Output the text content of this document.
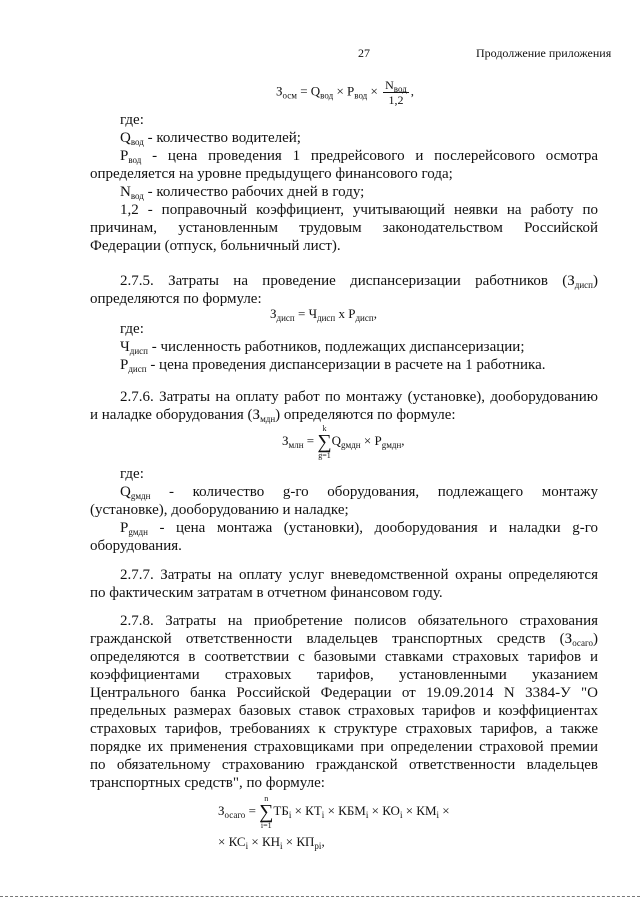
27	Продолжение приложения
$З_{осм} = Q_{вод} \times Р_{вод} \times \frac{N_{вод}}{1,2}$ ,
где:
$Q_{вод}$ - количество водителей;
$Р_{вод}$ - цена проведения 1 предрейсового и послерейсового осмотра
определяется на уровне предыдущего финансового года;
$N_{вод}$ - количество рабочих дней в году;
1,2 - поправочный коэффициент, учитывающий неявки на работу по
причинам, установленным трудовым законодательством Российской
Федерации (отпуск, больничный лист).
2.7.5. Затраты на проведение диспансеризации работников $(З_{дисп})$
определяются по формуле:
$З_{дисп} = Ч_{дисп}$ х $Р_{дисп}$,
где:
$Ч_{дисп}$ - численность работников, подлежащих диспансеризации;
$Р_{дисп}$ - цена проведения диспансеризации в расчете на 1 работника.
2.7.6. Затраты на оплату работ по монтажу (установке), дооборудованию
и наладке оборудования $(З_{мдн})$ определяются по формуле:
$З_{млн}$ =
k
∑
g=1
$Q_{gмдн} \times Р_{gмдн}$,
где:
$Q_{gмдн}$ - количество g-го оборудования, подлежащего монтажу
(установке), дооборудованию и наладке;
$Р_{gмдн}$ - цена монтажа (установки), дооборудования и наладки g-го
оборудования.
2.7.7. Затраты на оплату услуг вневедомственной охраны определяются
по фактическим затратам в отчетном финансовом году.
2.7.8. Затраты на приобретение полисов обязательного страхования
гражданской ответственности владельцев транспортных средств $(З_{осаго})$
определяются в соответствии с базовыми ставками страховых тарифов и
коэффициентами страховых тарифов, установленными указанием
Центрального банка Российской Федерации от 19.09.2014 N 3384-У "О
предельных размерах базовых ставок страховых тарифов и коэффициентах
страховых тарифов, требованиях к структуре страховых тарифов, а также
порядке их применения страховщиками при определении страховой премии
по обязательному страхованию гражданской ответственности владельцев
транспортных средств", по формуле:
$З_{осаго}$ =
n
∑
i=1
$ТБ_i \times КТ_i \times КБМ_i \times КО_i \times КМ_i$ ×
× $КС_i \times КН_i \times КП_{pi}$,
